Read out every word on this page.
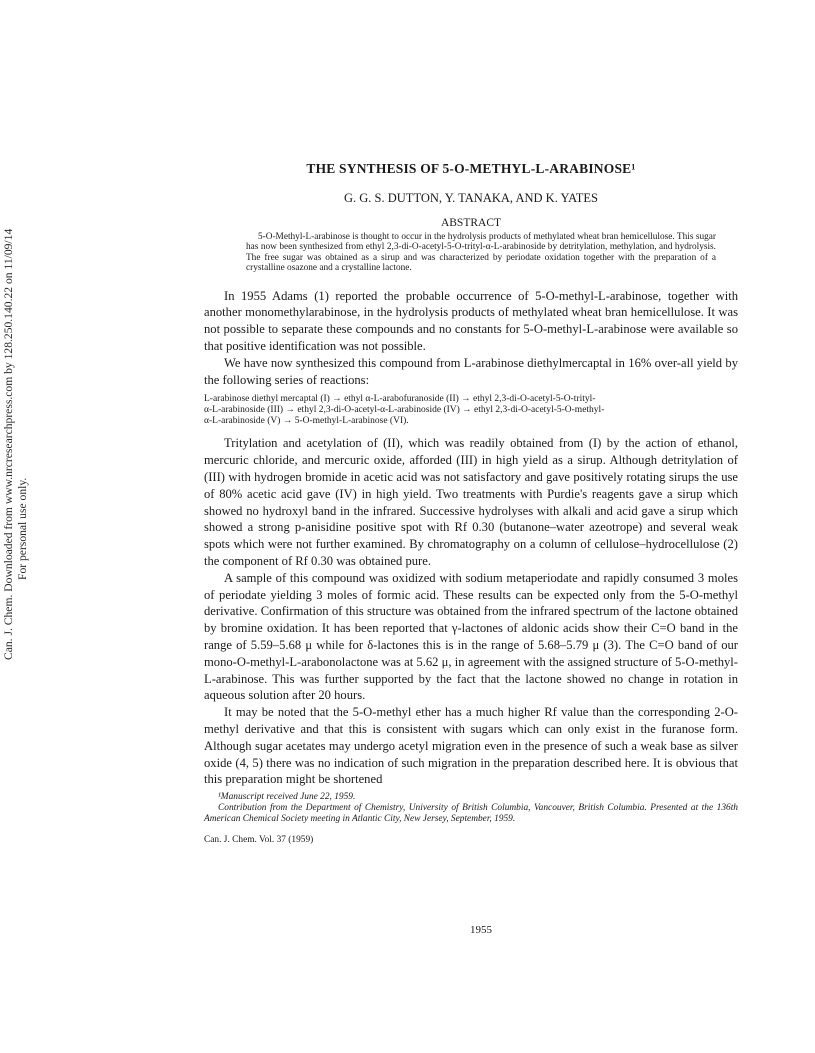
Can. J. Chem. Downloaded from www.nrcresearchpress.com by 128.250.140.22 on 11/09/14 For personal use only.
THE SYNTHESIS OF 5-O-METHYL-L-ARABINOSE¹
G. G. S. DUTTON, Y. TANAKA, AND K. YATES
ABSTRACT
5-O-Methyl-L-arabinose is thought to occur in the hydrolysis products of methylated wheat bran hemicellulose. This sugar has now been synthesized from ethyl 2,3-di-O-acetyl-5-O-trityl-α-L-arabinoside by detritylation, methylation, and hydrolysis. The free sugar was obtained as a sirup and was characterized by periodate oxidation together with the preparation of a crystalline osazone and a crystalline lactone.

In 1955 Adams (1) reported the probable occurrence of 5-O-methyl-L-arabinose, together with another monomethylarabinose, in the hydrolysis products of methylated wheat bran hemicellulose. It was not possible to separate these compounds and no constants for 5-O-methyl-L-arabinose were available so that positive identification was not possible.

We have now synthesized this compound from L-arabinose diethylmercaptal in 16% over-all yield by the following series of reactions:

L-arabinose diethyl mercaptal (I) → ethyl α-L-arabofuranoside (II) → ethyl 2,3-di-O-acetyl-5-O-trityl-
α-L-arabinoside (III) → ethyl 2,3-di-O-acetyl-α-L-arabinoside (IV) → ethyl 2,3-di-O-acetyl-5-O-methyl-
α-L-arabinoside (V) → 5-O-methyl-L-arabinose (VI).

Tritylation and acetylation of (II), which was readily obtained from (I) by the action of ethanol, mercuric chloride, and mercuric oxide, afforded (III) in high yield as a sirup. Although detritylation of (III) with hydrogen bromide in acetic acid was not satisfactory and gave positively rotating sirups the use of 80% acetic acid gave (IV) in high yield. Two treatments with Purdie's reagents gave a sirup which showed no hydroxyl band in the infrared. Successive hydrolyses with alkali and acid gave a sirup which showed a strong p-anisidine positive spot with Rf 0.30 (butanone–water azeotrope) and several weak spots which were not further examined. By chromatography on a column of cellulose–hydrocellulose (2) the component of Rf 0.30 was obtained pure.

A sample of this compound was oxidized with sodium metaperiodate and rapidly consumed 3 moles of periodate yielding 3 moles of formic acid. These results can be expected only from the 5-O-methyl derivative. Confirmation of this structure was obtained from the infrared spectrum of the lactone obtained by bromine oxidation. It has been reported that γ-lactones of aldonic acids show their C=O band in the range of 5.59–5.68 μ while for δ-lactones this is in the range of 5.68–5.79 μ (3). The C=O band of our mono-O-methyl-L-arabonolactone was at 5.62 μ, in agreement with the assigned structure of 5-O-methyl-L-arabinose. This was further supported by the fact that the lactone showed no change in rotation in aqueous solution after 20 hours.

It may be noted that the 5-O-methyl ether has a much higher Rf value than the corresponding 2-O-methyl derivative and that this is consistent with sugars which can only exist in the furanose form. Although sugar acetates may undergo acetyl migration even in the presence of such a weak base as silver oxide (4, 5) there was no indication of such migration in the preparation described here. It is obvious that this preparation might be shortened

¹Manuscript received June 22, 1959.

Contribution from the Department of Chemistry, University of British Columbia, Vancouver, British Columbia. Presented at the 136th American Chemical Society meeting in Atlantic City, New Jersey, September, 1959.

Can. J. Chem. Vol. 37 (1959)
1955
